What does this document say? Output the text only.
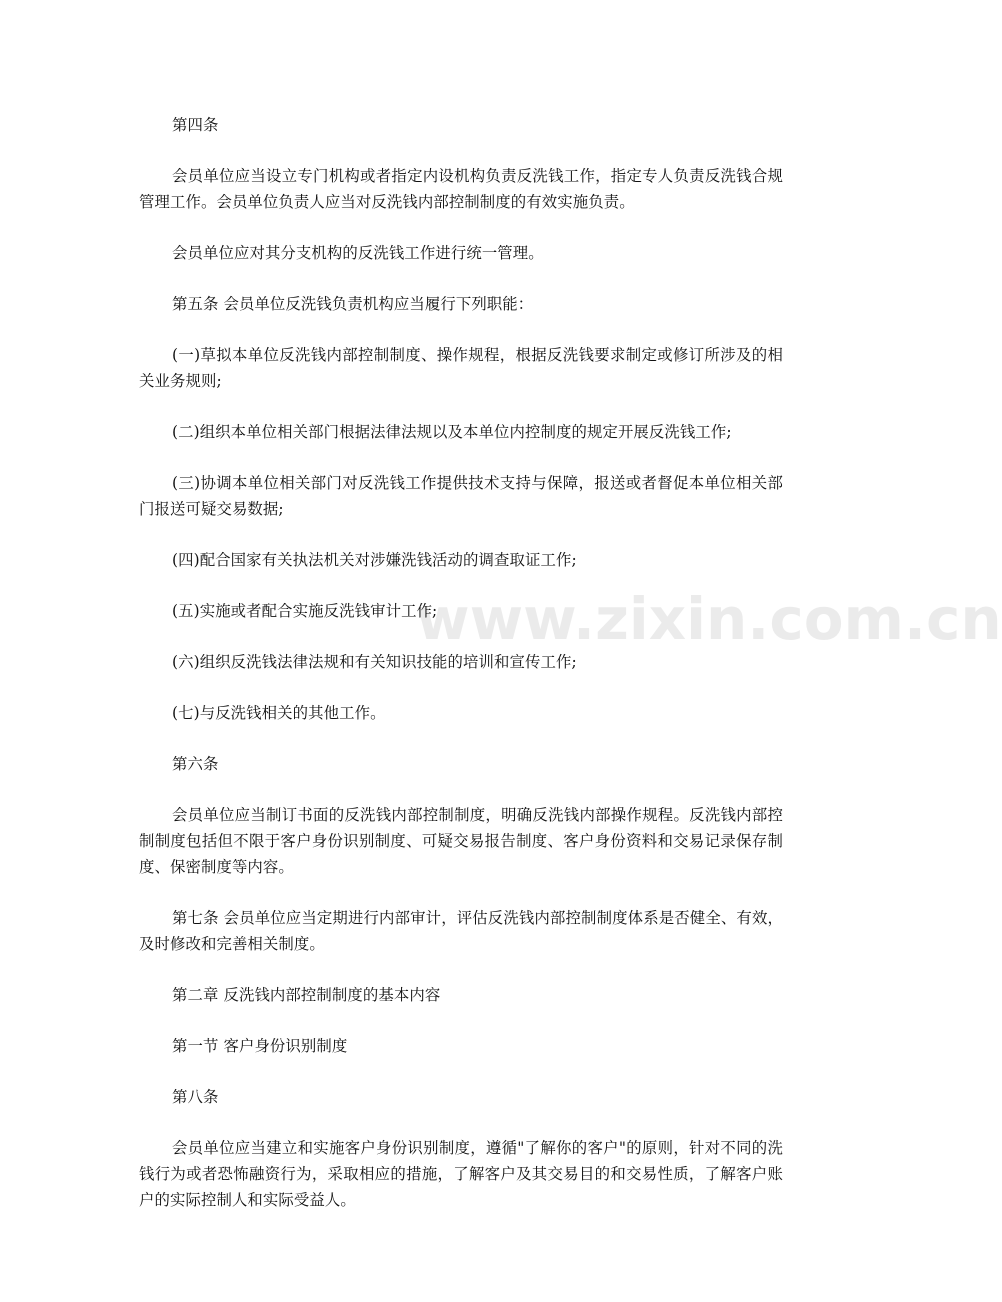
第四条

会员单位应当设立专门机构或者指定内设机构负责反洗钱工作，指定专人负责反洗钱合规管理工作。会员单位负责人应当对反洗钱内部控制制度的有效实施负责。

会员单位应对其分支机构的反洗钱工作进行统一管理。

第五条 会员单位反洗钱负责机构应当履行下列职能：

(一)草拟本单位反洗钱内部控制制度、操作规程，根据反洗钱要求制定或修订所涉及的相关业务规则;

(二)组织本单位相关部门根据法律法规以及本单位内控制度的规定开展反洗钱工作;

(三)协调本单位相关部门对反洗钱工作提供技术支持与保障，报送或者督促本单位相关部门报送可疑交易数据;

(四)配合国家有关执法机关对涉嫌洗钱活动的调查取证工作;

(五)实施或者配合实施反洗钱审计工作;

(六)组织反洗钱法律法规和有关知识技能的培训和宣传工作;

(七)与反洗钱相关的其他工作。

第六条

会员单位应当制订书面的反洗钱内部控制制度，明确反洗钱内部操作规程。反洗钱内部控制制度包括但不限于客户身份识别制度、可疑交易报告制度、客户身份资料和交易记录保存制度、保密制度等内容。

第七条 会员单位应当定期进行内部审计，评估反洗钱内部控制制度体系是否健全、有效，及时修改和完善相关制度。

第二章 反洗钱内部控制制度的基本内容

第一节 客户身份识别制度

第八条

会员单位应当建立和实施客户身份识别制度，遵循"了解你的客户"的原则，针对不同的洗钱行为或者恐怖融资行为，采取相应的措施，了解客户及其交易目的和交易性质，了解客户账户的实际控制人和实际受益人。

www.zixin.com.cn
